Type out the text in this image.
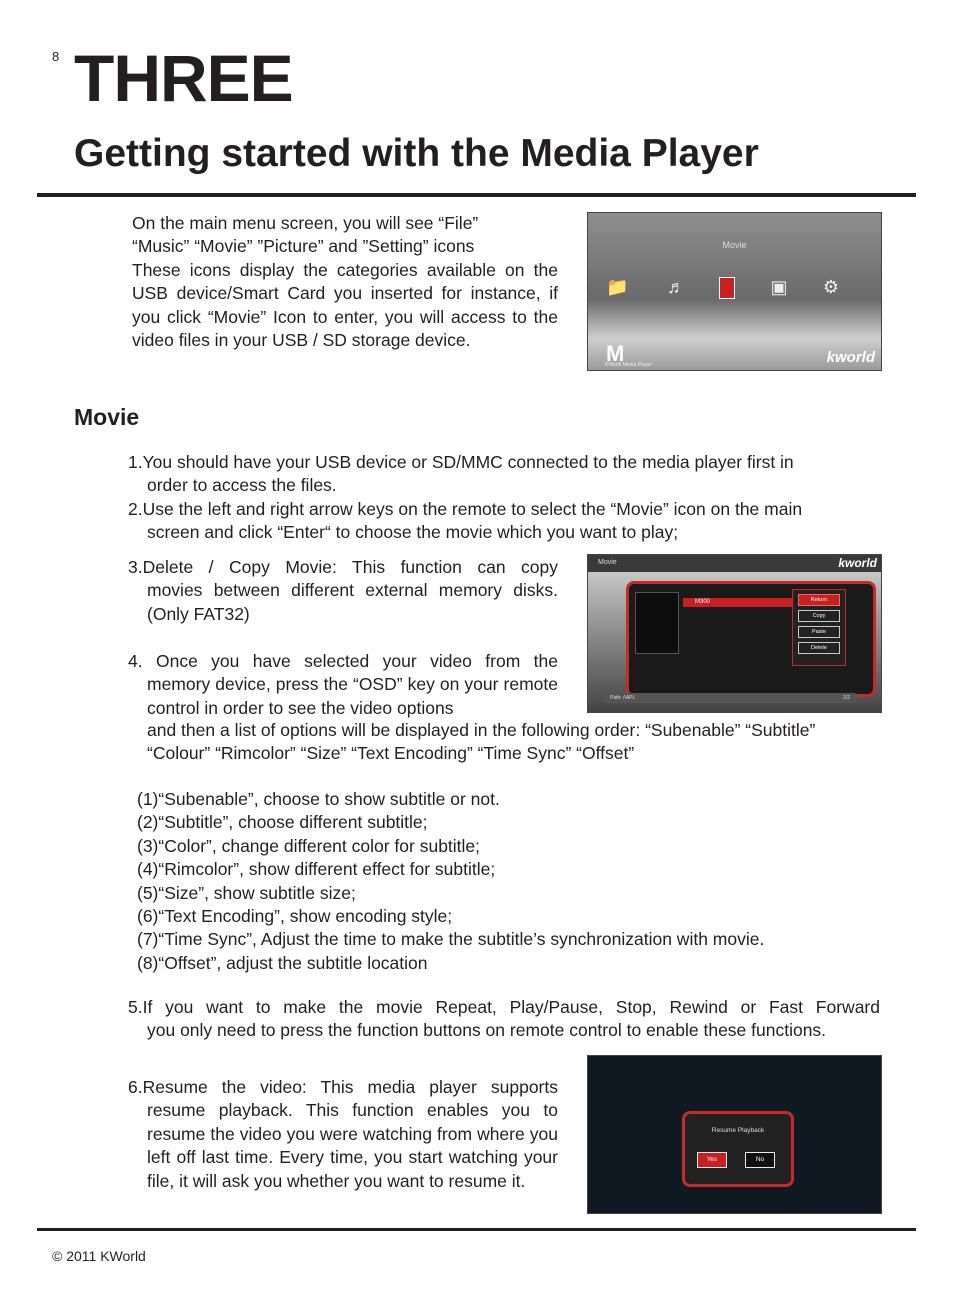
8 THREE
Getting started with the Media Player
On the main menu screen, you will see “File”
“Music” “Movie” ”Picture” and ”Setting” icons
These icons display the categories available on the USB device/Smart Card you inserted for instance, if you click “Movie” Icon to enter, you will access to the video files in your USB / SD storage device.
Movie
📁 ♬	▣ ⚙
M
KWorld Media Player	kworld
Movie
1.You should have your USB device or SD/MMC connected to the media player first in
order to access the files.
2.Use the left and right arrow keys on the remote to select the “Movie” icon on the main
screen and click “Enter“ to choose the movie which you want to play;
3.Delete / Copy Movie: This function can copy
movies between different external memory disks.(Only FAT32)
Movie	kworld
M300	Return
Copy
Paste
Delete
Path: /\APL	2/2
4. Once you have selected your video from the
memory device, press the “OSD” key on your remote control in order to see the video options
and then a list of options will be displayed in the following order: “Subenable” “Subtitle” “Colour” “Rimcolor” “Size” “Text Encoding” “Time Sync” “Offset”
(1)“Subenable”, choose to show subtitle or not.
(2)“Subtitle”, choose different subtitle;
(3)“Color”, change different color for subtitle;
(4)“Rimcolor”, show different effect for subtitle;
(5)“Size”, show subtitle size;
(6)“Text Encoding”, show encoding style;
(7)“Time Sync”, Adjust the time to make the subtitle’s synchronization with movie.
(8)“Offset”, adjust the subtitle location
5.If you want to make the movie Repeat, Play/Pause, Stop, Rewind or Fast Forward
you only need to press the function buttons on remote control to enable these functions.
6.Resume the video: This media player supports
resume playback. This function enables you to resume the video you were watching from where you left off last time. Every time, you start watching your file, it will ask you whether you want to resume it.
Resume Playback
Yes	No
© 2011 KWorld
